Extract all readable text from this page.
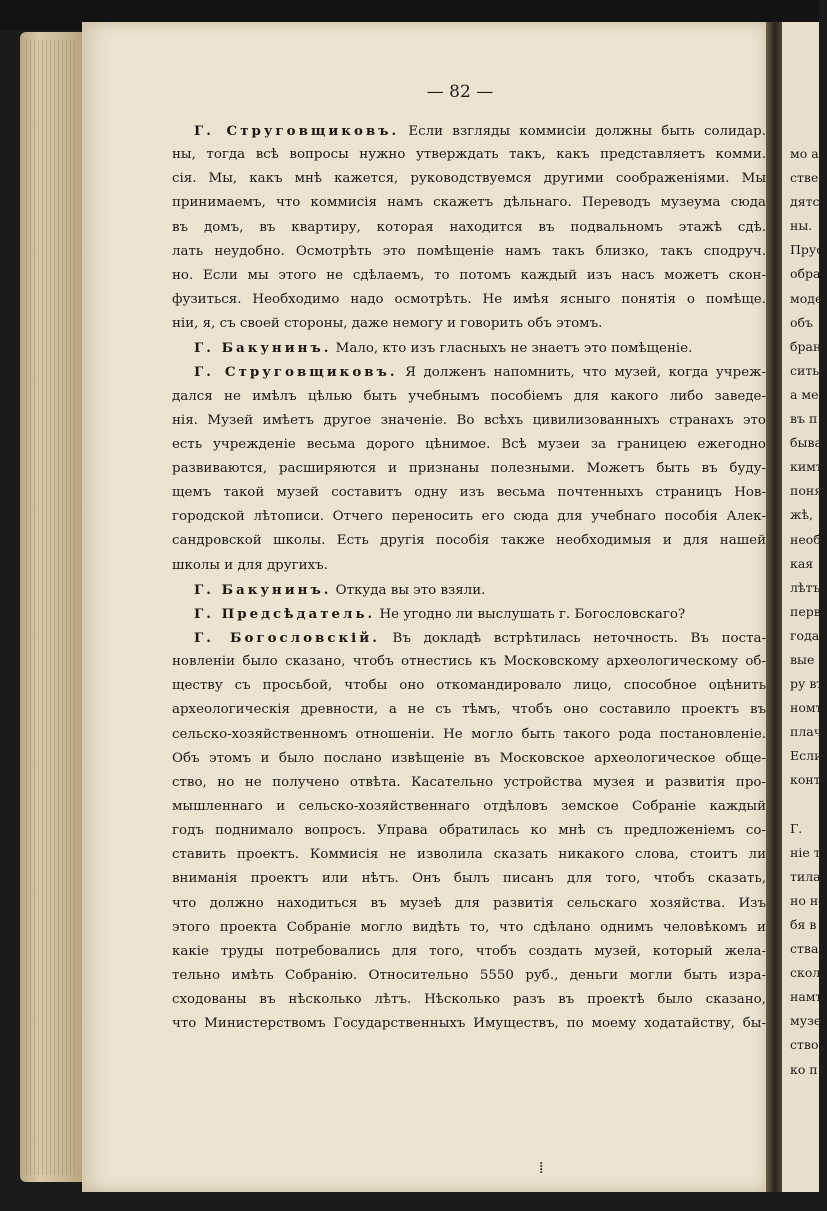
мо а
стве
дятс
ны.
Прус
обра
моде
объ
бран
сить
а ме
въ п
быва
кимъ
поня
жѣ,
необ
кая
лѣтъ
перв
года.
вые
ру въ
номъ
плач
Если
конт
Г.
ніе т
тила
но не
бя в
ства
сколь
намъ
музе
ство
ко п
— 82 —
Г. Струговщиковъ. Если взгляды коммисіи должны быть солидар.
ны, тогда всѣ вопросы нужно утверждать такъ, какъ представляетъ комми.
сія. Мы, какъ мнѣ кажется, руководствуемся другими соображеніями. Мы
принимаемъ, что коммисія намъ скажетъ дѣльнаго. Переводъ музеума сюда
въ домъ, въ квартиру, которая находится въ подвальномъ этажѣ сдѣ.
лать неудобно. Осмотрѣть это помѣщеніе намъ такъ близко, такъ сподруч.
но. Если мы этого не сдѣлаемъ, то потомъ каждый изъ насъ можетъ скон-
фузиться. Необходимо надо осмотрѣть. Не имѣя ясныго понятія о помѣще.
ніи, я, съ своей стороны, даже немогу и говорить объ этомъ.
Г. Бакунинъ. Мало, кто изъ гласныхъ не знаетъ это помѣщеніе.
Г. Струговщиковъ. Я долженъ напомнить, что музей, когда учреж-
дался не имѣлъ цѣлью быть учебнымъ пособіемъ для какого либо заведе-
нія. Музей имѣетъ другое значеніе. Во всѣхъ цивилизованныхъ странахъ это
есть учрежденіе весьма дорого цѣнимое. Всѣ музеи за границею ежегодно
развиваются, расширяются и признаны полезными. Можетъ быть въ буду-
щемъ такой музей составитъ одну изъ весьма почтенныхъ страницъ Нов-
городской лѣтописи. Отчего переносить его сюда для учебнаго пособія Алек-
сандровской школы. Есть другія пособія также необходимыя и для нашей
школы и для другихъ.
Г. Бакунинъ. Откуда вы это взяли.
Г. Предсѣдатель. Не угодно ли выслушать г. Богословскаго?
Г. Богословскій. Въ докладѣ встрѣтилась неточность. Въ поста-
новленіи было сказано, чтобъ отнестись къ Московскому археологическому об-
ществу съ просьбой, чтобы оно откомандировало лицо, способное оцѣнить
археологическія древности, а не съ тѣмъ, чтобъ оно составило проектъ въ
сельско-хозяйственномъ отношеніи. Не могло быть такого рода постановленіе.
Объ этомъ и было послано извѣщеніе въ Московское археологическое обще-
ство, но не получено отвѣта. Касательно устройства музея и развитія про-
мышленнаго и сельско-хозяйственнаго отдѣловъ земское Собраніе каждый
годъ поднимало вопросъ. Управа обратилась ко мнѣ съ предложеніемъ со-
ставить проектъ. Коммисія не изволила сказать никакого слова, стоитъ ли
вниманія проектъ или нѣтъ. Онъ былъ писанъ для того, чтобъ сказать,
что должно находиться въ музеѣ для развитія сельскаго хозяйства. Изъ
этого проекта Собраніе могло видѣть то, что сдѣлано однимъ человѣкомъ и
какіе труды потребовались для того, чтобъ создать музей, который жела-
тельно имѣть Собранію. Относительно 5550 руб., деньги могли быть изра-
сходованы въ нѣсколько лѣтъ. Нѣсколько разъ въ проектѣ было сказано,
что Министерствомъ Государственныхъ Имуществъ, по моему ходатайству, бы-
⁞
